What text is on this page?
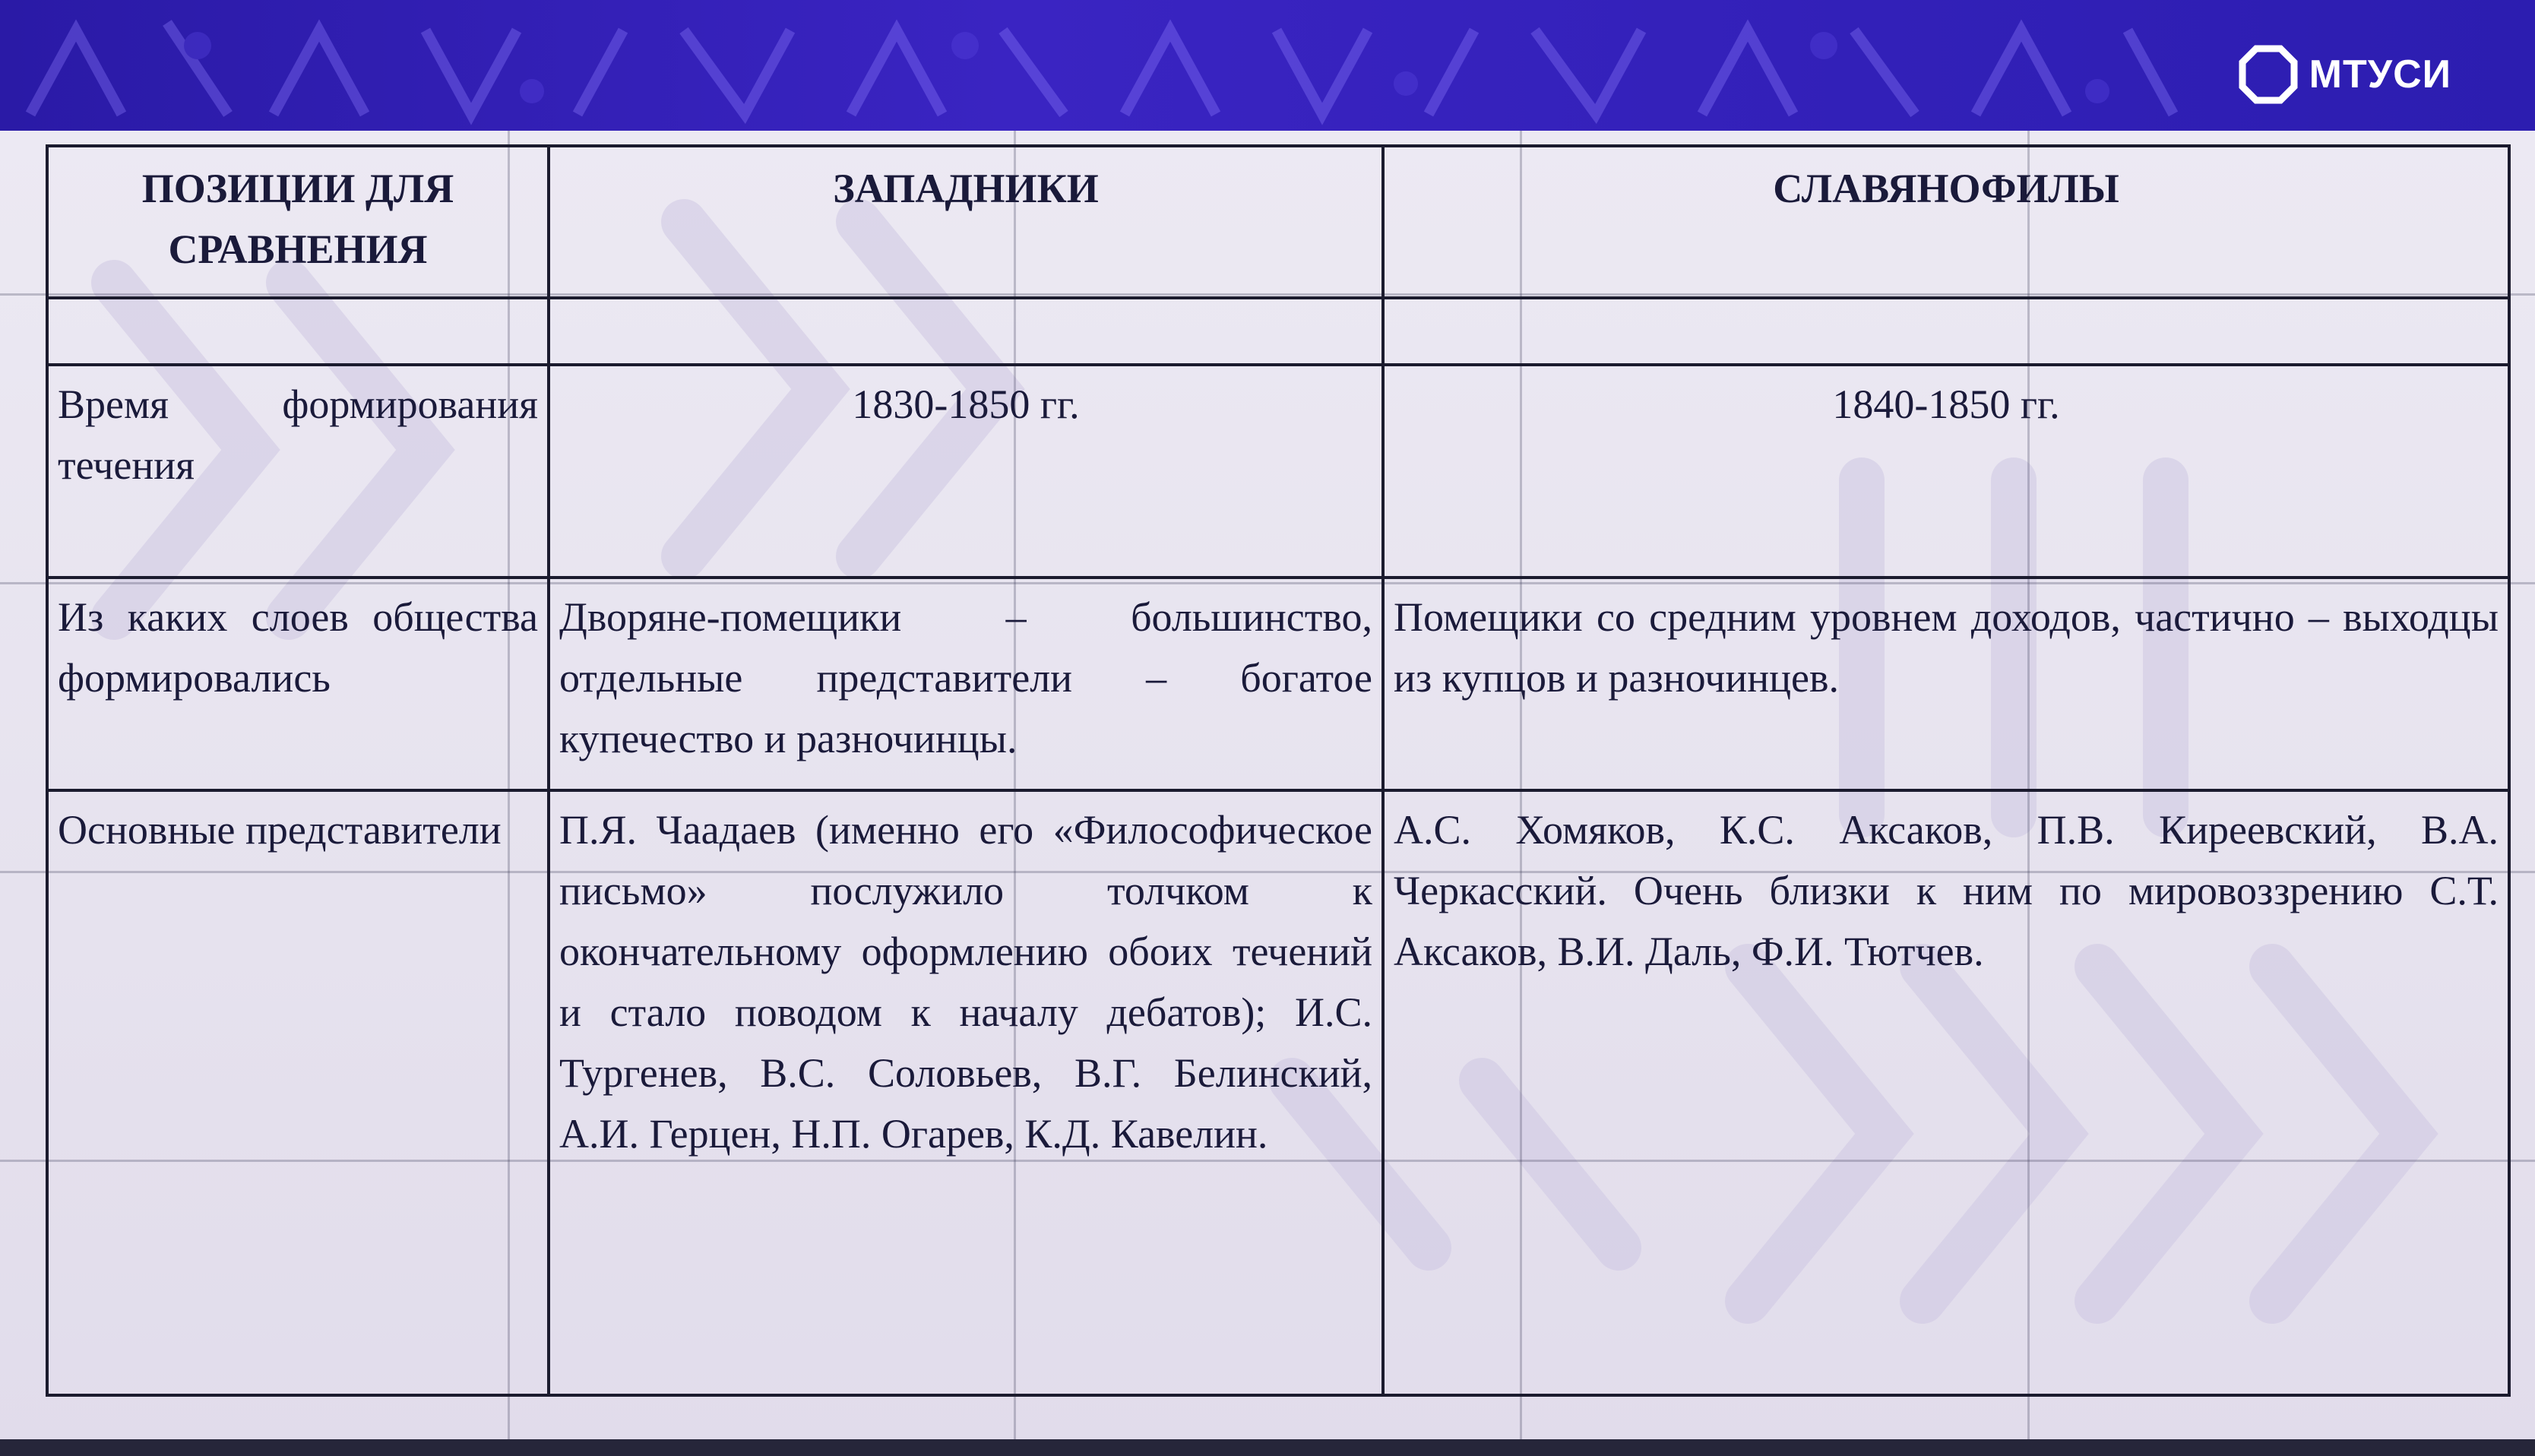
МТУСИ
ПОЗИЦИИ ДЛЯ СРАВНЕНИЯ	ЗАПАДНИКИ	СЛАВЯНОФИЛЫ

Время формирования течения	1830-1850 гг.	1840-1850 гг.
Из каких слоев общества формировались	Дворяне-помещики – большинство, отдельные представители – богатое купечество и разночинцы.	Помещики со средним уровнем доходов, частично – выходцы из купцов и разночинцев.
Основные представители	П.Я. Чаадаев (именно его «Философическое письмо» послужило толчком к окончательному оформлению обоих течений и стало поводом к началу дебатов); И.С. Тургенев, В.С. Соловьев, В.Г. Белинский, А.И. Герцен, Н.П. Огарев, К.Д. Кавелин.	А.С. Хомяков, К.С. Аксаков, П.В. Киреевский, В.А. Черкасский. Очень близки к ним по мировоззрению С.Т. Аксаков, В.И. Даль, Ф.И. Тютчев.
